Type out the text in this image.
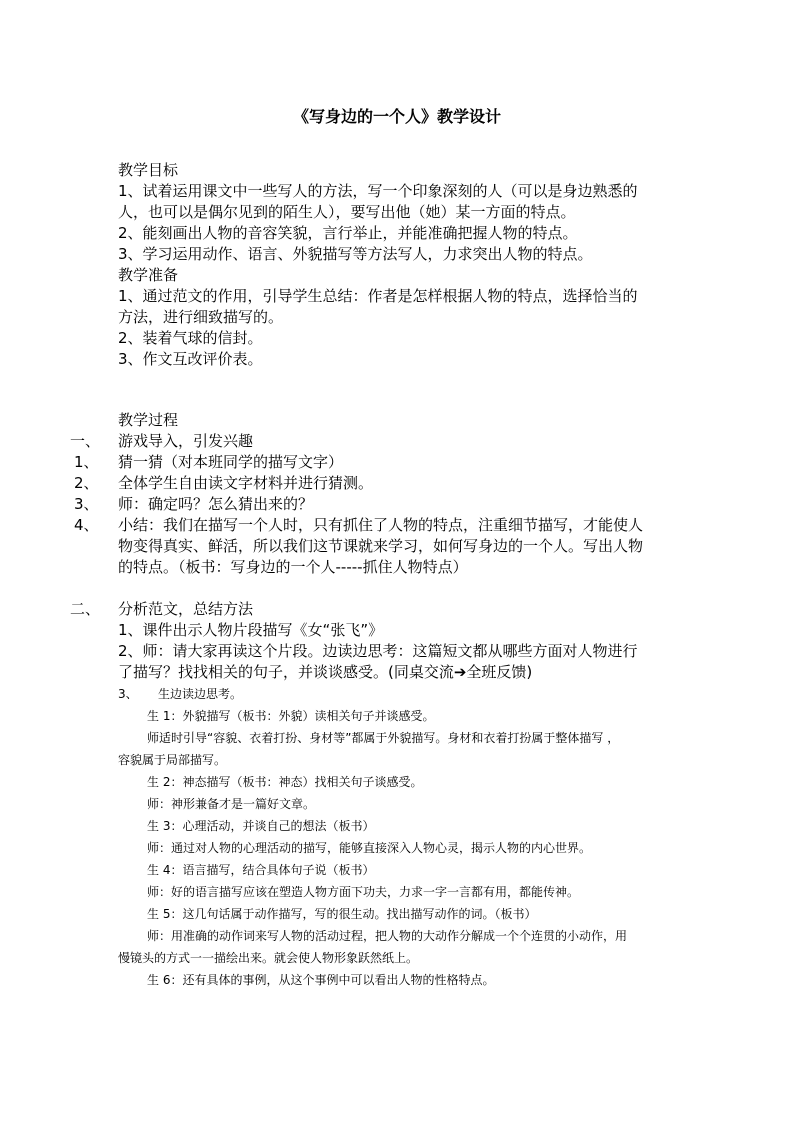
《写身边的一个人》教学设计
教学目标
1、试着运用课文中一些写人的方法，写一个印象深刻的人（可以是身边熟悉的
人，也可以是偶尔见到的陌生人），要写出他（她）某一方面的特点。
2、能刻画出人物的音容笑貌，言行举止，并能准确把握人物的特点。
3、学习运用动作、语言、外貌描写等方法写人，力求突出人物的特点。
教学准备
1、通过范文的作用，引导学生总结：作者是怎样根据人物的特点，选择恰当的
方法，进行细致描写的。
2、装着气球的信封。
3、作文互改评价表。
教学过程
一、 游戏导入，引发兴趣
1、 猜一猜（对本班同学的描写文字）
2、 全体学生自由读文字材料并进行猜测。
3、 师：确定吗？怎么猜出来的？
4、 小结：我们在描写一个人时，只有抓住了人物的特点，注重细节描写，才能使人
物变得真实、鲜活，所以我们这节课就来学习，如何写身边的一个人。写出人物
的特点。（板书：写身边的一个人-----抓住人物特点）
二、 分析范文，总结方法
1、课件出示人物片段描写《女“张飞”》
2、师：请大家再读这个片段。边读边思考：这篇短文都从哪些方面对人物进行
了描写？找找相关的句子，并谈谈感受。(同桌交流➔全班反馈)
3、 生边读边思考。
生 1：外貌描写（板书：外貌）读相关句子并谈感受。
师适时引导“容貌、衣着打扮、身材等”都属于外貌描写。身材和衣着打扮属于整体描写 ，
容貌属于局部描写。
生 2：神态描写（板书：神态）找相关句子谈感受。
师：神形兼备才是一篇好文章。
生 3：心理活动，并谈自己的想法（板书）
师：通过对人物的心理活动的描写，能够直接深入人物心灵，揭示人物的内心世界。
生 4：语言描写，结合具体句子说（板书）
师：好的语言描写应该在塑造人物方面下功夫，力求一字一言都有用，都能传神。
生 5：这几句话属于动作描写，写的很生动。找出描写动作的词。（板书）
师：用准确的动作词来写人物的活动过程，把人物的大动作分解成一个个连贯的小动作，用
慢镜头的方式一一描绘出来。就会使人物形象跃然纸上。
生 6：还有具体的事例，从这个事例中可以看出人物的性格特点。
